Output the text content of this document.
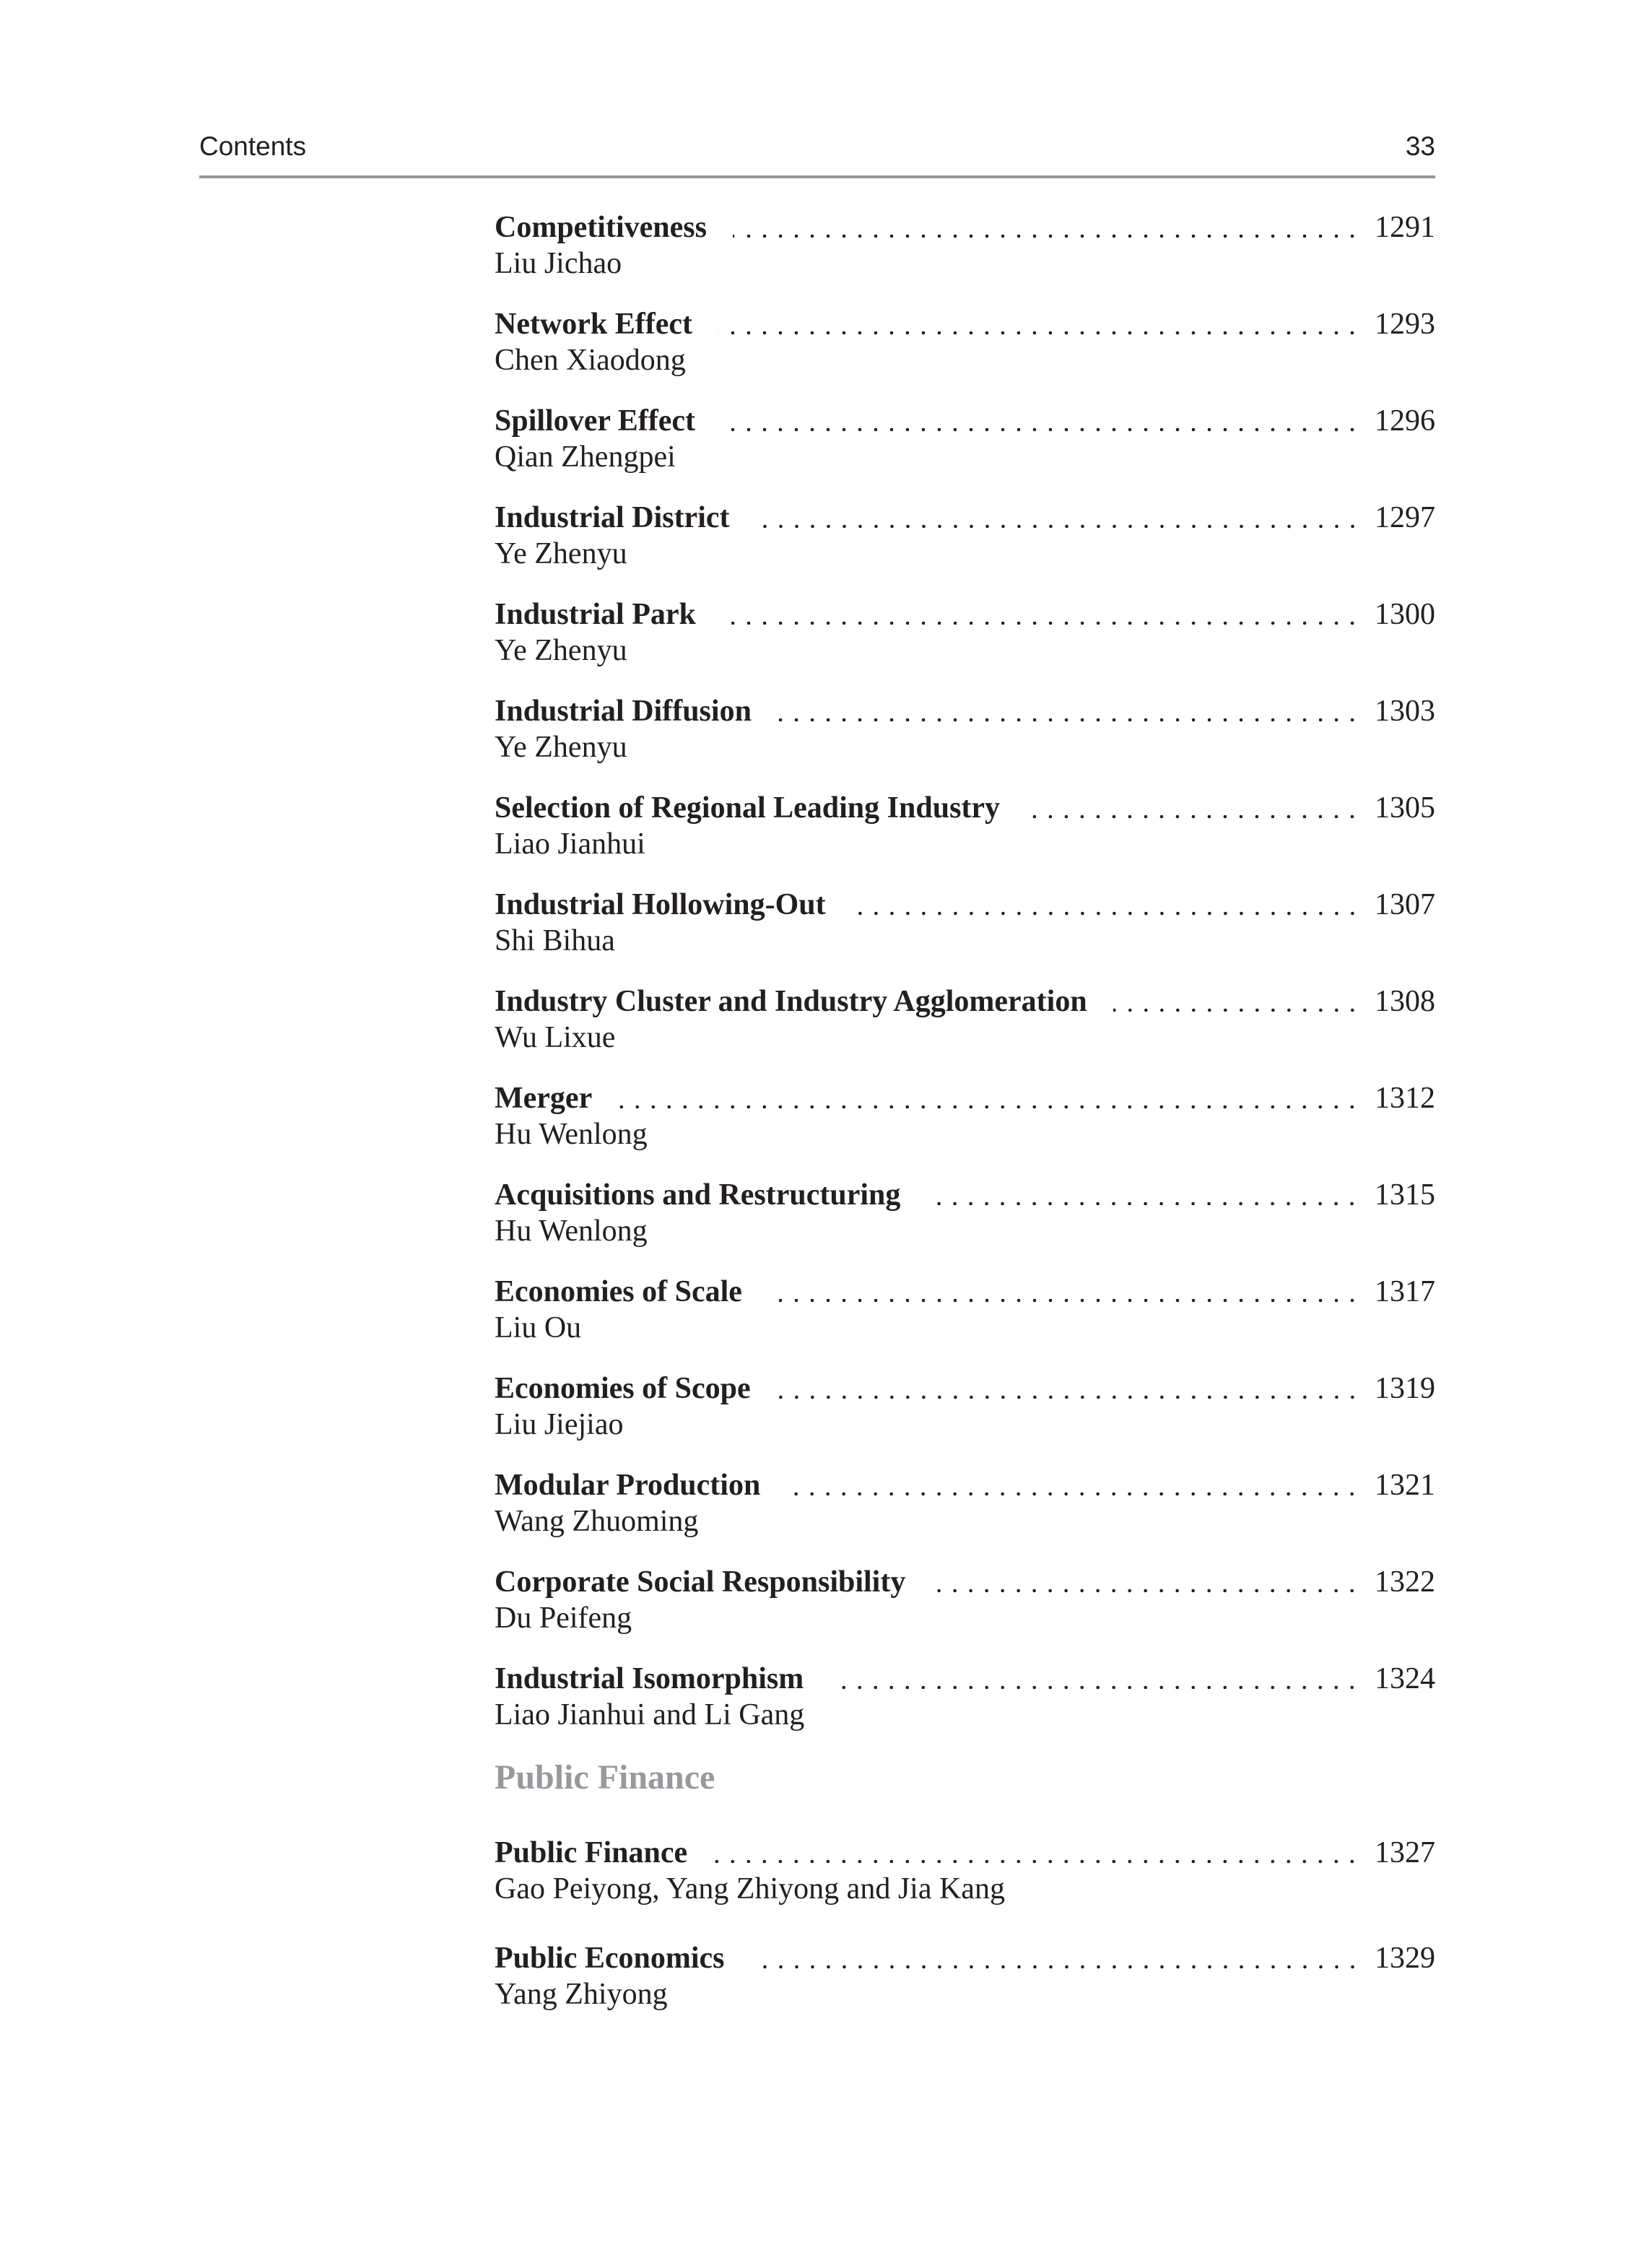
Contents	33
Competitiveness	1291
Liu Jichao
Network Effect	1293
Chen Xiaodong
Spillover Effect	1296
Qian Zhengpei
Industrial District	1297
Ye Zhenyu
Industrial Park	1300
Ye Zhenyu
Industrial Diffusion	1303
Ye Zhenyu
Selection of Regional Leading Industry	1305
Liao Jianhui
Industrial Hollowing-Out	1307
Shi Bihua
Industry Cluster and Industry Agglomeration	1308
Wu Lixue
Merger	1312
Hu Wenlong
Acquisitions and Restructuring	1315
Hu Wenlong
Economies of Scale	1317
Liu Ou
Economies of Scope	1319
Liu Jiejiao
Modular Production	1321
Wang Zhuoming
Corporate Social Responsibility	1322
Du Peifeng
Industrial Isomorphism	1324
Liao Jianhui and Li Gang
Public Finance
Public Finance	1327
Gao Peiyong, Yang Zhiyong and Jia Kang
Public Economics	1329
Yang Zhiyong
